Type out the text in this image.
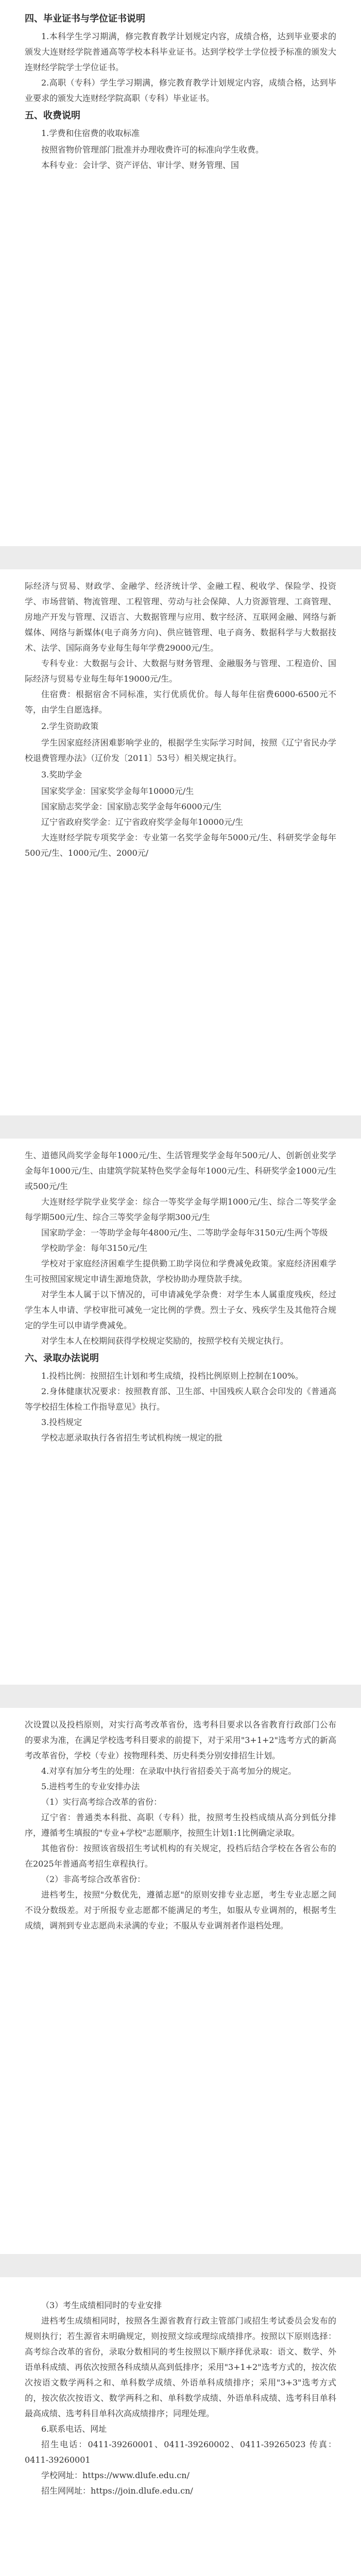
四、毕业证书与学位证书说明

1.本科学生学习期满，修完教育教学计划规定内容，成绩合格，达到毕业要求的颁发大连财经学院普通高等学校本科毕业证书。达到学校学士学位授予标准的颁发大连财经学院学士学位证书。

2.高职（专科）学生学习期满，修完教育教学计划规定内容，成绩合格，达到毕业要求的颁发大连财经学院高职（专科）毕业证书。

五、收费说明

1.学费和住宿费的收取标准

按照省物价管理部门批准并办理收费许可的标准向学生收费。

本科专业：会计学、资产评估、审计学、财务管理、国

际经济与贸易、财政学、金融学、经济统计学、金融工程、税收学、保险学、投资学、市场营销、物流管理、工程管理、劳动与社会保障、人力资源管理、工商管理、房地产开发与管理、汉语言、大数据管理与应用、数字经济、互联网金融、网络与新媒体、网络与新媒体(电子商务方向)、供应链管理、电子商务、数据科学与大数据技术、法学、国际商务专业每生每年学费29000元/生。

专科专业：大数据与会计、大数据与财务管理、金融服务与管理、工程造价、国际经济与贸易专业每生每年19000元/生。

住宿费：根据宿舍不同标准，实行优质优价。每人每年住宿费6000-6500元不等，由学生自愿选择。

2.学生资助政策

学生因家庭经济困难影响学业的，根据学生实际学习时间，按照《辽宁省民办学校退费管理办法》（辽价发〔2011〕53号）相关规定执行。

3.奖助学金

国家奖学金：国家奖学金每年10000元/生

国家励志奖学金：国家励志奖学金每年6000元/生

辽宁省政府奖学金：辽宁省政府奖学金每年10000元/生

大连财经学院专项奖学金：专业第一名奖学金每年5000元/生、科研奖学金每年500元/生、1000元/生、2000元/

生、道德风尚奖学金每年1000元/生、生活管理奖学金每年500元/人、创新创业奖学金每年1000元/生、由建筑学院某特色奖学金每年1000元/生、科研奖学金1000元/生或500元/生

大连财经学院学业奖学金：综合一等奖学金每学期1000元/生、综合二等奖学金每学期500元/生、综合三等奖学金每学期300元/生

国家助学金：一等助学金每年4800元/生、二等助学金每年3150元/生两个等级

学校助学金：每年3150元/生

学校对于家庭经济困难学生提供勤工助学岗位和学费减免政策。家庭经济困难学生可按照国家规定申请生源地贷款，学校协助办理贷款手续。

对学生本人属于以下情况的，可申请减免学杂费：对学生本人属重度残疾，经过学生本人申请、学校审批可减免一定比例的学费。烈士子女、残疾学生及其他符合规定的学生可以申请学费减免。

对学生本人在校期间获得学校规定奖励的，按照学校有关规定执行。

六、录取办法说明

1.投档比例：按照招生计划和考生成绩，投档比例原则上控制在100%。

2.身体健康状况要求：按照教育部、卫生部、中国残疾人联合会印发的《普通高等学校招生体检工作指导意见》执行。

3.投档规定

学校志愿录取执行各省招生考试机构统一规定的批

次设置以及投档原则，对实行高考改革省份，选考科目要求以各省教育行政部门公布的要求为准，在满足学校选考科目要求的前提下，对于采用"3+1+2"选考方式的新高考改革省份，学校（专业）按物理科类、历史科类分别安排招生计划。

4.对享有加分考生的处理：在录取中执行省招委关于高考加分的规定。

5.进档考生的专业安排办法

（1）实行高考综合改革的省份：

辽宁省：普通类本科批、高职（专科）批，按照考生投档成绩从高分到低分排序，遵循考生填报的"专业+学校"志愿顺序，按照生计划1:1比例确定录取。

其他省份：按照该省级招生考试机构的有关规定，投档后结合学校在各省公布的在2025年普通高考招生章程执行。

（2）非高考综合改革省份：

进档考生，按照"分数优先，遵循志愿"的原则安排专业志愿，考生专业志愿之间不设分数级差。对于所报专业志愿都不能满足的考生，如服从专业调剂的，根据考生成绩，调剂到专业志愿尚未录满的专业；不服从专业调剂者作退档处理。

（3）考生成绩相同时的专业安排

进档考生成绩相同时，按照各生源省教育行政主管部门或招生考试委员会发布的规则执行；若生源省未明确规定，则按照文综或理综成绩排序。按照以下原则选择：高考综合改革的省份，录取分数相同的考生按照以下顺序择优录取：语文、数学、外语单科成绩、再依次按照各科成绩从高到低排序；采用"3+1+2"选考方式的，按次依次按语文数学两科之和、单科数学成绩、外语单科成绩排序；采用"3+3"选考方式的，按次依次按语文、数学两科之和、单科数学成绩、外语单科成绩、选考科目单科最高成绩、选考科目单科次高成绩排序；同理处理。

6.联系电话、网址

招生电话：0411-39260001、0411-39260002、0411-39265023 传真：0411-39260001

学校网址：https://www.dlufe.edu.cn/

招生网网址：https://join.dlufe.edu.cn/
